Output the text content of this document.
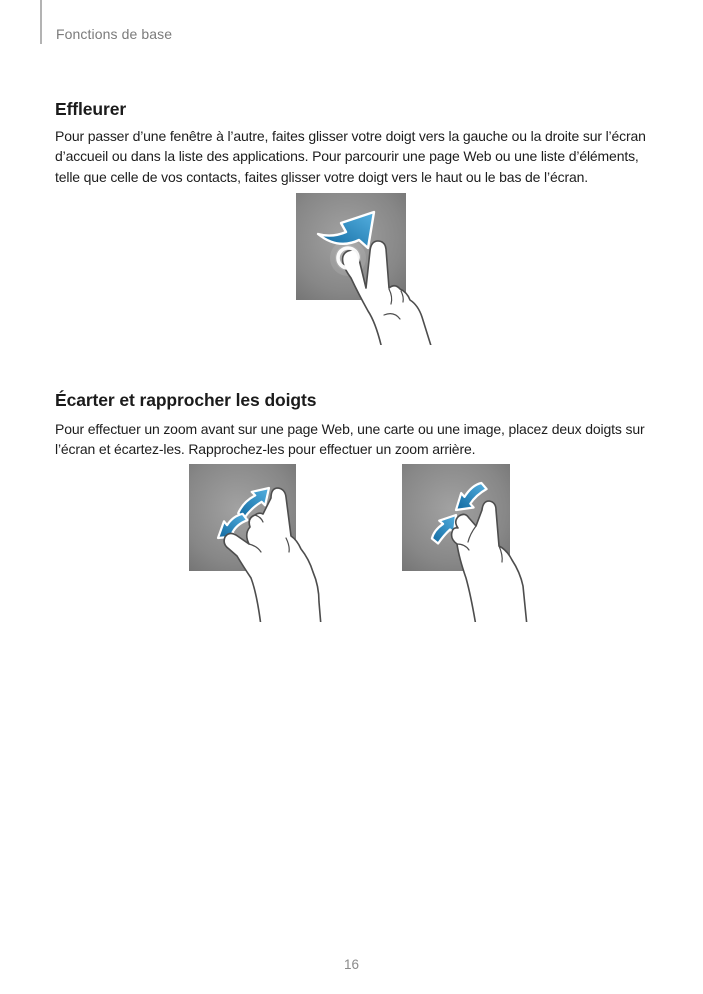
Fonctions de base
Effleurer

Pour passer d’une fenêtre à l’autre, faites glisser votre doigt vers la gauche ou la droite sur l’écran d’accueil ou dans la liste des applications. Pour parcourir une page Web ou une liste d’éléments, telle que celle de vos contacts, faites glisser votre doigt vers le haut ou le bas de l’écran.

Écarter et rapprocher les doigts

Pour effectuer un zoom avant sur une page Web, une carte ou une image, placez deux doigts sur l’écran et écartez-les. Rapprochez-les pour effectuer un zoom arrière.

16
